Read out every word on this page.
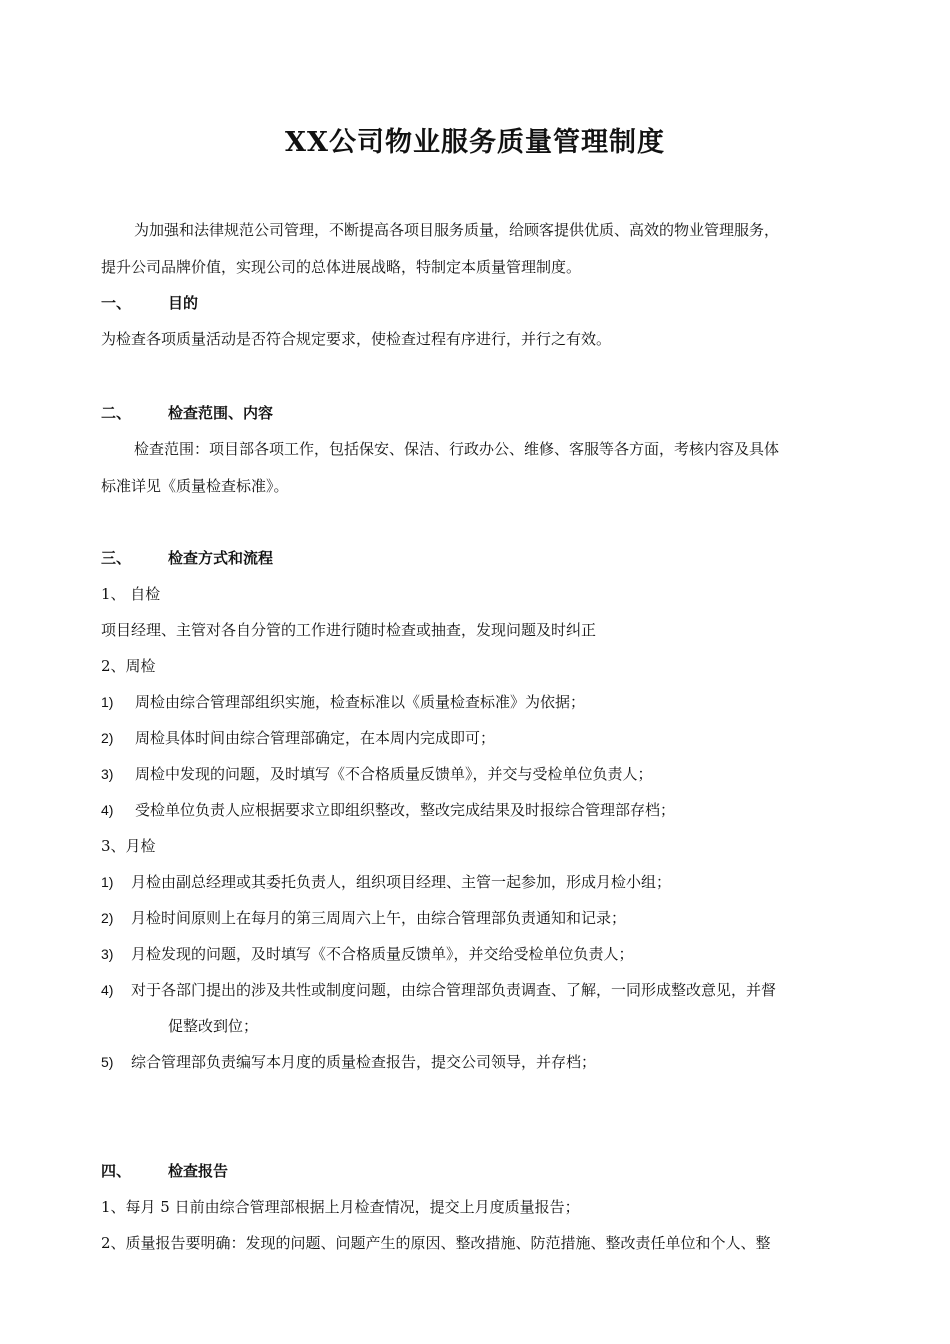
XX公司物业服务质量管理制度
为加强和法律规范公司管理，不断提高各项目服务质量，给顾客提供优质、高效的物业管理服务，
提升公司品牌价值，实现公司的总体进展战略，特制定本质量管理制度。
一、 目的
为检查各项质量活动是否符合规定要求，使检查过程有序进行，并行之有效。
二、 检查范围、内容
检查范围：项目部各项工作，包括保安、保洁、行政办公、维修、客服等各方面，考核内容及具体
标准详见《质量检查标准》。
三、 检查方式和流程
1、 自检
项目经理、主管对各自分管的工作进行随时检查或抽查，发现问题及时纠正
2、周检
1) 周检由综合管理部组织实施，检查标准以《质量检查标准》为依据；
2) 周检具体时间由综合管理部确定，在本周内完成即可；
3) 周检中发现的问题，及时填写《不合格质量反馈单》，并交与受检单位负责人；
4) 受检单位负责人应根据要求立即组织整改，整改完成结果及时报综合管理部存档；
3、月检
1) 月检由副总经理或其委托负责人，组织项目经理、主管一起参加，形成月检小组；
2) 月检时间原则上在每月的第三周周六上午，由综合管理部负责通知和记录；
3) 月检发现的问题，及时填写《不合格质量反馈单》，并交给受检单位负责人；
4) 对于各部门提出的涉及共性或制度问题，由综合管理部负责调查、了解，一同形成整改意见，并督
促整改到位；
5) 综合管理部负责编写本月度的质量检查报告，提交公司领导，并存档；
四、 检查报告
1、每月 5 日前由综合管理部根据上月检查情况，提交上月度质量报告；
2、质量报告要明确：发现的问题、问题产生的原因、整改措施、防范措施、整改责任单位和个人、整
